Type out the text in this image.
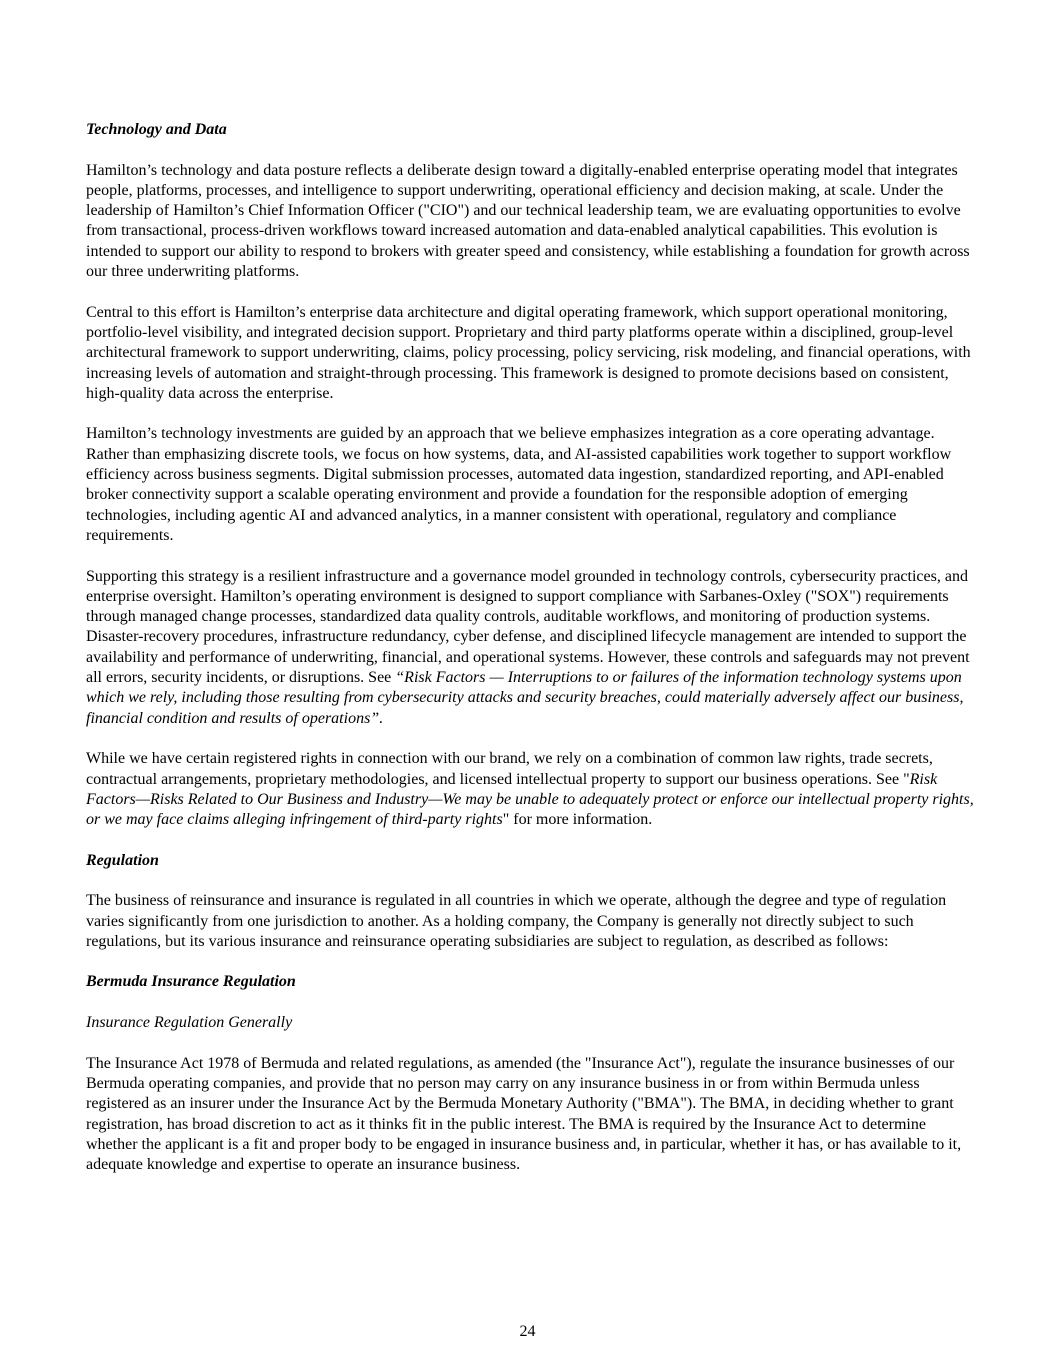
Technology and Data

Hamilton’s technology and data posture reflects a deliberate design toward a digitally-enabled enterprise operating model that integrates people, platforms, processes, and intelligence to support underwriting, operational efficiency and decision making, at scale. Under the leadership of Hamilton’s Chief Information Officer ("CIO") and our technical leadership team, we are evaluating opportunities to evolve from transactional, process-driven workflows toward increased automation and data-enabled analytical capabilities. This evolution is intended to support our ability to respond to brokers with greater speed and consistency, while establishing a foundation for growth across our three underwriting platforms.

Central to this effort is Hamilton’s enterprise data architecture and digital operating framework, which support operational monitoring, portfolio-level visibility, and integrated decision support. Proprietary and third party platforms operate within a disciplined, group-level architectural framework to support underwriting, claims, policy processing, policy servicing, risk modeling, and financial operations, with increasing levels of automation and straight-through processing. This framework is designed to promote decisions based on consistent, high-quality data across the enterprise.

Hamilton’s technology investments are guided by an approach that we believe emphasizes integration as a core operating advantage. Rather than emphasizing discrete tools, we focus on how systems, data, and AI-assisted capabilities work together to support workflow efficiency across business segments. Digital submission processes, automated data ingestion, standardized reporting, and API-enabled broker connectivity support a scalable operating environment and provide a foundation for the responsible adoption of emerging technologies, including agentic AI and advanced analytics, in a manner consistent with operational, regulatory and compliance requirements.

Supporting this strategy is a resilient infrastructure and a governance model grounded in technology controls, cybersecurity practices, and enterprise oversight. Hamilton’s operating environment is designed to support compliance with Sarbanes-Oxley ("SOX") requirements through managed change processes, standardized data quality controls, auditable workflows, and monitoring of production systems. Disaster-recovery procedures, infrastructure redundancy, cyber defense, and disciplined lifecycle management are intended to support the availability and performance of underwriting, financial, and operational systems. However, these controls and safeguards may not prevent all errors, security incidents, or disruptions. See “Risk Factors — Interruptions to or failures of the information technology systems upon which we rely, including those resulting from cybersecurity attacks and security breaches, could materially adversely affect our business, financial condition and results of operations”.

While we have certain registered rights in connection with our brand, we rely on a combination of common law rights, trade secrets, contractual arrangements, proprietary methodologies, and licensed intellectual property to support our business operations. See "Risk Factors—Risks Related to Our Business and Industry—We may be unable to adequately protect or enforce our intellectual property rights, or we may face claims alleging infringement of third-party rights" for more information.

Regulation

The business of reinsurance and insurance is regulated in all countries in which we operate, although the degree and type of regulation varies significantly from one jurisdiction to another. As a holding company, the Company is generally not directly subject to such regulations, but its various insurance and reinsurance operating subsidiaries are subject to regulation, as described as follows:

Bermuda Insurance Regulation
Insurance Regulation Generally

The Insurance Act 1978 of Bermuda and related regulations, as amended (the "Insurance Act"), regulate the insurance businesses of our Bermuda operating companies, and provide that no person may carry on any insurance business in or from within Bermuda unless registered as an insurer under the Insurance Act by the Bermuda Monetary Authority ("BMA"). The BMA, in deciding whether to grant registration, has broad discretion to act as it thinks fit in the public interest. The BMA is required by the Insurance Act to determine whether the applicant is a fit and proper body to be engaged in insurance business and, in particular, whether it has, or has available to it, adequate knowledge and expertise to operate an insurance business.

24
